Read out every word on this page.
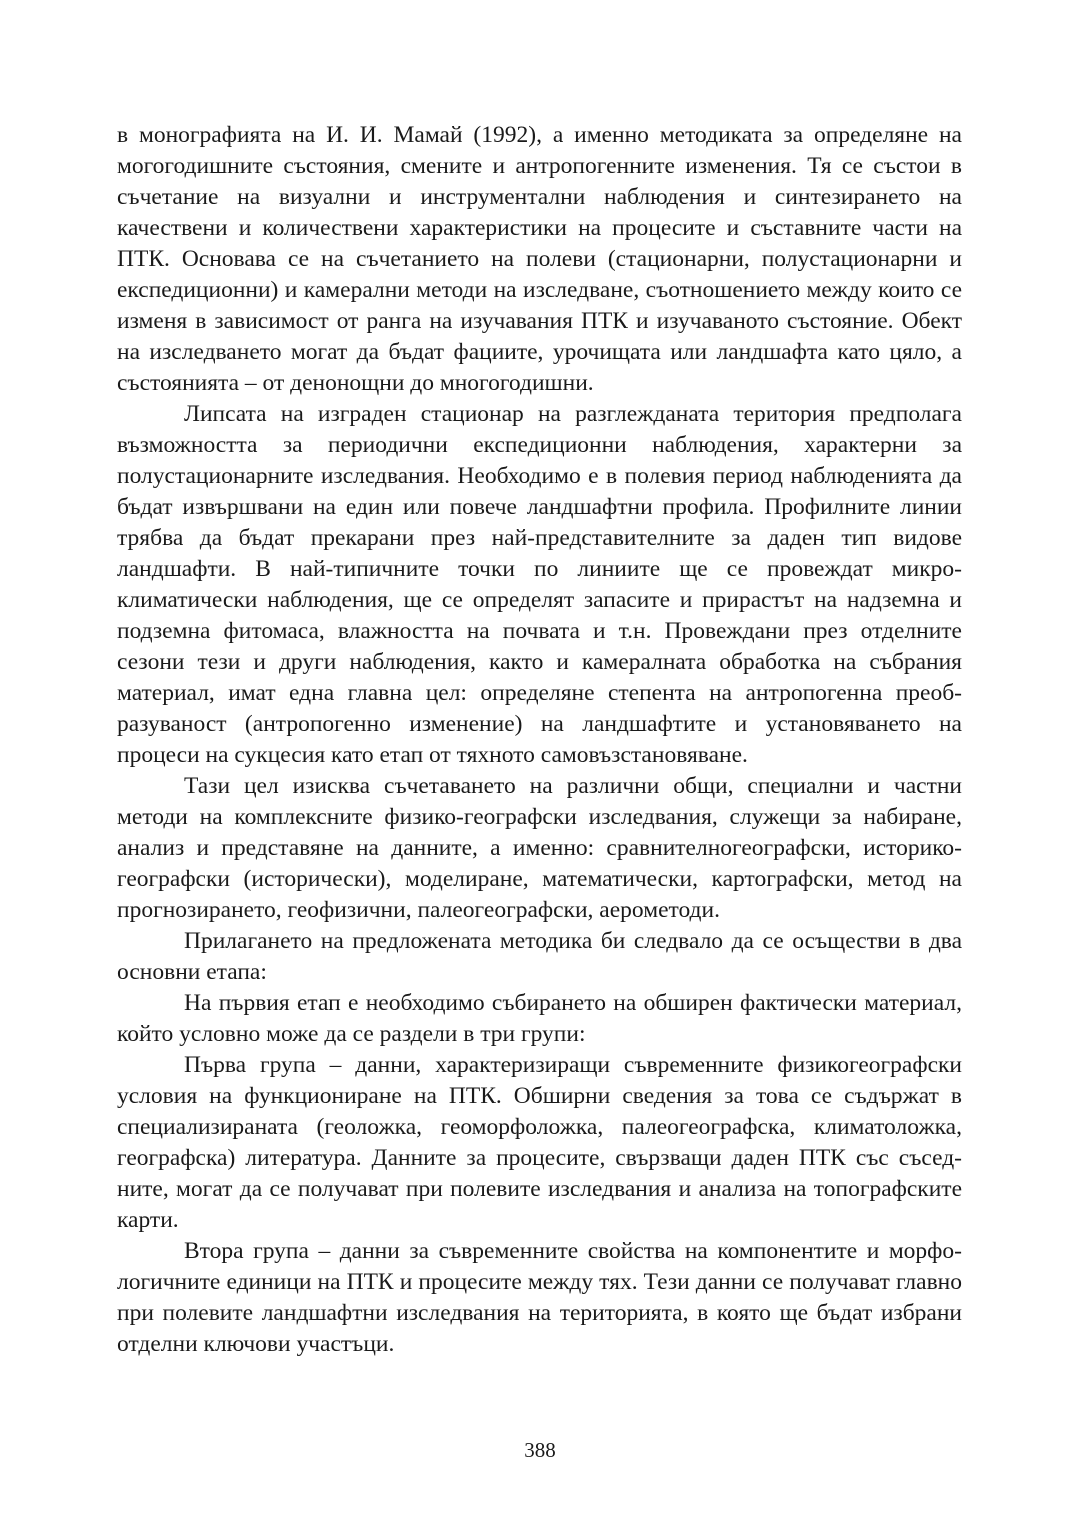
в монографията на И. И. Мамай (1992), а именно методиката за определяне на могогодишните състояния, смените и антропогенните изменения. Тя се състои в съчетание на визуални и инструментални наблюдения и синтезирането на качествени и количествени характеристики на процесите и съставните части на ПТК. Основава се на съчетанието на полеви (стационарни, полустационарни и експедиционни) и камерални методи на изследване, съотношението между които се изменя в зависимост от ранга на изучавания ПТК и изучаваното състояние. Обект на изследването могат да бъдат фациите, урочищата или ландшафта като цяло, а състоянията – от денонощни до многогодишни.

Липсата на изграден стационар на разглежданата територия предполага възможността за периодични експедиционни наблюдения, характерни за полустационарните изследвания. Необходимо е в полевия период наблюденията да бъдат извършвани на един или повече ландшафтни профила. Профилните линии трябва да бъдат прекарани през най-представителните за даден тип видове ландшафти. В най-типичните точки по линиите ще се провеждат микроклиматически наблюдения, ще се определят запасите и прирастът на надземна и подземна фитомаса, влажността на почвата и т.н. Провеждани през отделните сезони тези и други наблюдения, както и камералната обработка на събрания материал, имат една главна цел: определяне степента на антропогенна преобразуваност (антропогенно изменение) на ландшафтите и установяването на процеси на сукцесия като етап от тяхното самовъзстановяване.

Тази цел изисква съчетаването на различни общи, специални и частни методи на комплексните физико-географски изследвания, служещи за набиране, анализ и представяне на данните, а именно: сравнителногеографски, историко-географски (исторически), моделиране, математически, картографски, метод на прогнозирането, геофизични, палеогеографски, аерометоди.

Прилагането на предложената методика би следвало да се осъществи в два основни етапа:

На първия етап е необходимо събирането на обширен фактически материал, който условно може да се раздели в три групи:

Първа група – данни, характеризиращи съвременните физикогеографски условия на функциониране на ПТК. Обширни сведения за това се съдържат в специализираната (геоложка, геоморфоложка, палеогеографска, климатоложка, географска) литература. Данните за процесите, свързващи даден ПТК със съседните, могат да се получават при полевите изследвания и анализа на топографските карти.

Втора група – данни за съвременните свойства на компонентите и морфологичните единици на ПТК и процесите между тях. Тези данни се получават главно при полевите ландшафтни изследвания на територията, в която ще бъдат избрани отделни ключови участъци.

388
